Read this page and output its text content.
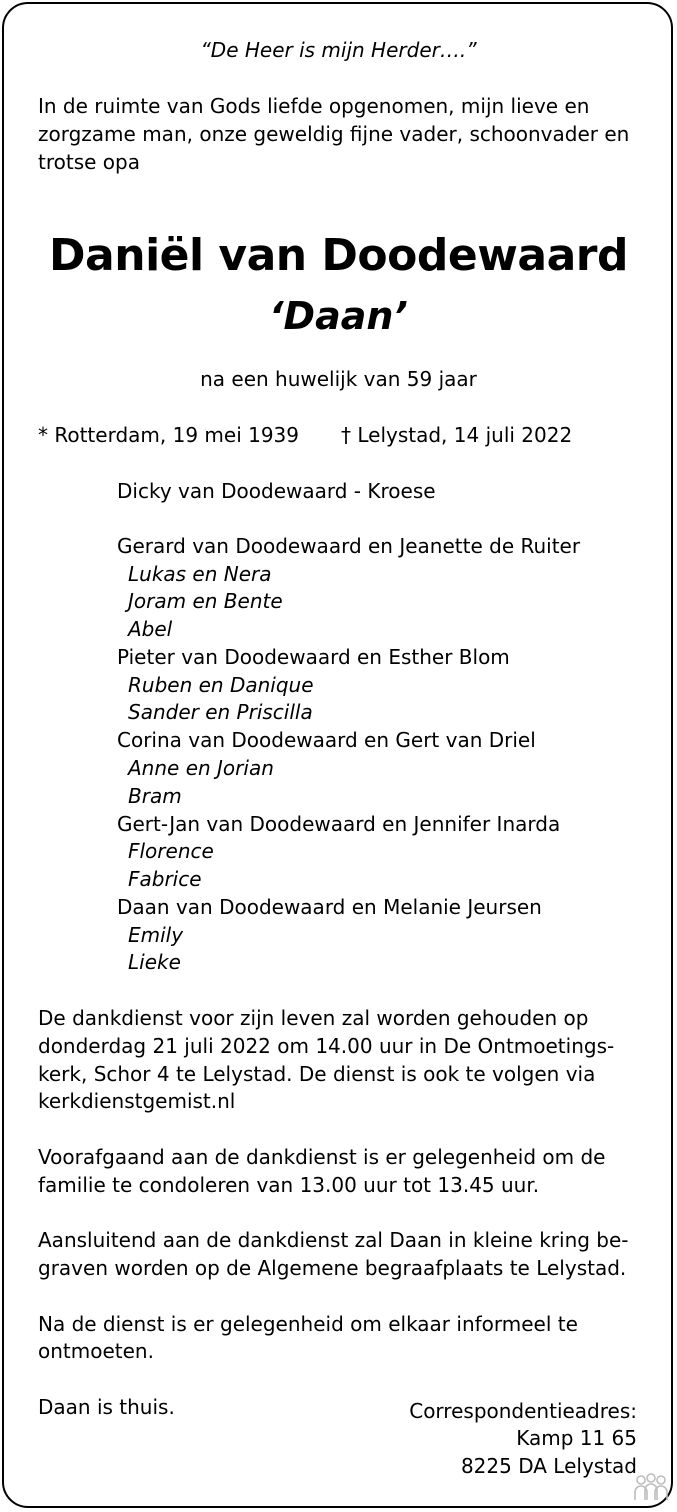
“De Heer is mijn Herder….”

In de ruimte van Gods liefde opgenomen, mijn lieve en

zorgzame man, onze geweldig fijne vader, schoonvader en

trotse opa

Daniël van Doodewaard
‘Daan’

na een huwelijk van 59 jaar

* Rotterdam, 19 mei 1939 † Lelystad, 14 juli 2022

Dicky van Doodewaard - Kroese

Gerard van Doodewaard en Jeanette de Ruiter

Lukas en Nera

Joram en Bente

Abel

Pieter van Doodewaard en Esther Blom

Ruben en Danique

Sander en Priscilla

Corina van Doodewaard en Gert van Driel

Anne en Jorian

Bram

Gert-Jan van Doodewaard en Jennifer Inarda

Florence

Fabrice

Daan van Doodewaard en Melanie Jeursen

Emily

Lieke

De dankdienst voor zijn leven zal worden gehouden op

donderdag 21 juli 2022 om 14.00 uur in De Ontmoetings-

kerk, Schor 4 te Lelystad. De dienst is ook te volgen via

kerkdienstgemist.nl

Voorafgaand aan de dankdienst is er gelegenheid om de

familie te condoleren van 13.00 uur tot 13.45 uur.

Aansluitend aan de dankdienst zal Daan in kleine kring be-

graven worden op de Algemene begraafplaats te Lelystad.

Na de dienst is er gelegenheid om elkaar informeel te

ontmoeten.

Daan is thuis.	Correspondentieadres:

Kamp 11 65

8225 DA Lelystad
